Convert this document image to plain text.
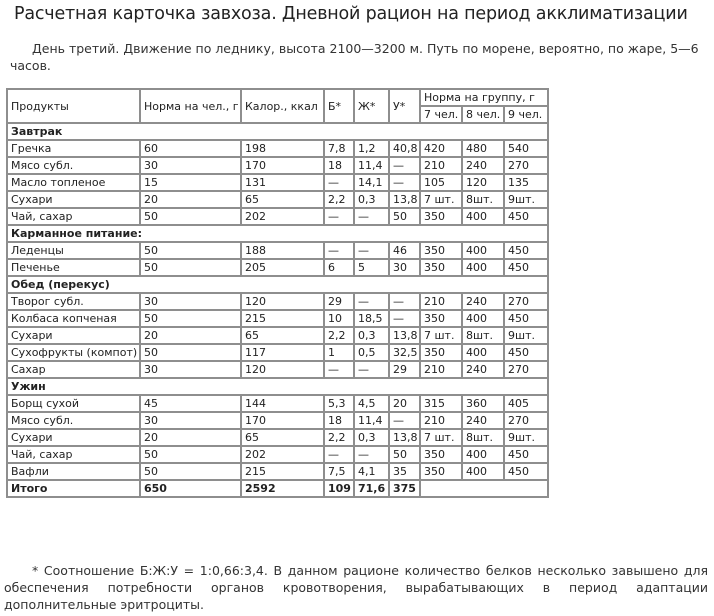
Расчетная карточка завхоза. Дневной рацион на период акклиматизации
День третий. Движение по леднику, высота 2100—3200 м. Путь по морене, вероятно, по жаре, 5—6 часов.
Продукты	Норма на чел., г	Калор., ккал	Б*	Ж*	У*	Норма на группу, г		
						7 чел.	8 чел.	9 чел.
Завтрак								
Гречка	60	198	7,8	1,2	40,8	420	480	540
Мясо субл.	30	170	18	11,4	—	210	240	270
Масло топленое	15	131	—	14,1	—	105	120	135
Сухари	20	65	2,2	0,3	13,8	7 шт.	8шт.	9шт.
Чай, сахар	50	202	—	—	50	350	400	450
Карманное питание:								
Леденцы	50	188	—	—	46	350	400	450
Печенье	50	205	6	5	30	350	400	450
Обед (перекус)								
Творог субл.	30	120	29	—	—	210	240	270
Колбаса копченая	50	215	10	18,5	—	350	400	450
Сухари	20	65	2,2	0,3	13,8	7 шт.	8шт.	9шт.
Сухофрукты (компот)	50	117	1	0,5	32,5	350	400	450
Сахар	30	120	—	—	29	210	240	270
Ужин								
Борщ сухой	45	144	5,3	4,5	20	315	360	405
Мясо субл.	30	170	18	11,4	—	210	240	270
Сухари	20	65	2,2	0,3	13,8	7 шт.	8шт.	9шт.
Чай, сахар	50	202	—	—	50	350	400	450
Вафли	50	215	7,5	4,1	35	350	400	450
Итого	650	2592	109	71,6	375			
* Соотношение Б:Ж:У = 1:0,66:3,4. В данном рационе количество белков несколько завышено для обеспечения потребности органов кровотворения, вырабатывающих в период адаптации дополнительные эритроциты.
